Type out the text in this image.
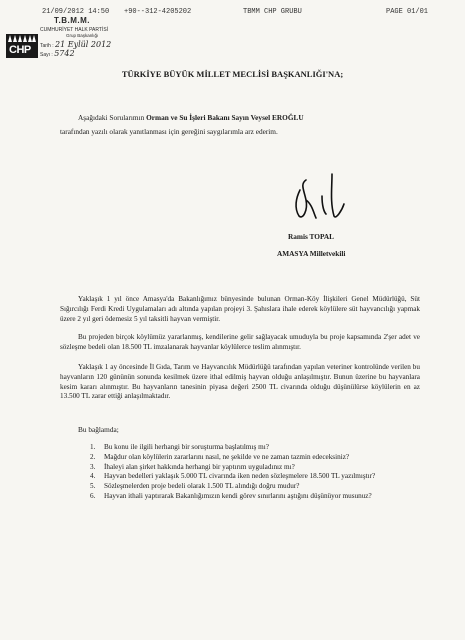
21/09/2012 14:50 +90--312-4205202	TBMM CHP GRUBU	PAGE 01/01
CHP
T.B.M.M.
CUMHURİYET HALK PARTİSİ
Grup Başkanlığı
Tarih : 21 Eylül 2012
Sayı : 5742
TÜRKİYE BÜYÜK MİLLET MECLİSİ BAŞKANLIĞI'NA;

Aşağıdaki Sorularımın Orman ve Su İşleri Bakanı Sayın Veysel EROĞLU

tarafından yazılı olarak yanıtlanması için gereğini saygılarımla arz ederim.

Ramis TOPAL
AMASYA Milletvekili

Yaklaşık 1 yıl önce Amasya'da Bakanlığımız bünyesinde bulunan Orman-Köy İlişkileri Genel Müdürlüğü, Süt Sığırcılığı Ferdi Kredi Uygulamaları adı altında yapılan projeyi 3. Şahıslara ihale ederek köylülere süt hayvancılığı yapmak üzere 2 yıl geri ödemesiz 5 yıl taksitli hayvan vermiştir.

Bu projeden birçok köylümüz yararlanmış, kendilerine gelir sağlayacak umuduyla bu proje kapsamında 2'şer adet ve sözleşme bedeli olan 18.500 TL imzalanarak hayvanlar köylülerce teslim alınmıştır.

Yaklaşık 1 ay öncesinde İl Gıda, Tarım ve Hayvancılık Müdürlüğü tarafından yapılan veteriner kontrolünde verilen bu hayvanların 120 gününün sonunda kesilmek üzere ithal edilmiş hayvan olduğu anlaşılmıştır. Bunun üzerine bu hayvanlara kesim kararı alınmıştır. Bu hayvanların tanesinin piyasa değeri 2500 TL civarında olduğu düşünülürse köylülerin en az 13.500 TL zarar ettiği anlaşılmaktadır.

Bu bağlamda;
1. Bu konu ile ilgili herhangi bir soruşturma başlatılmış mı?
2. Mağdur olan köylülerin zararlarını nasıl, ne şekilde ve ne zaman tazmin edeceksiniz?
3. İhaleyi alan şirket hakkında herhangi bir yaptırım uyguladınız mı?
4. Hayvan bedelleri yaklaşık 5.000 TL civarında iken neden sözleşmelere 18.500 TL yazılmıştır?
5. Sözleşmelerden proje bedeli olarak 1.500 TL alındığı doğru mudur?
6. Hayvan ithali yaptırarak Bakanlığımızın kendi görev sınırlarını aştığını düşünüyor musunuz?
